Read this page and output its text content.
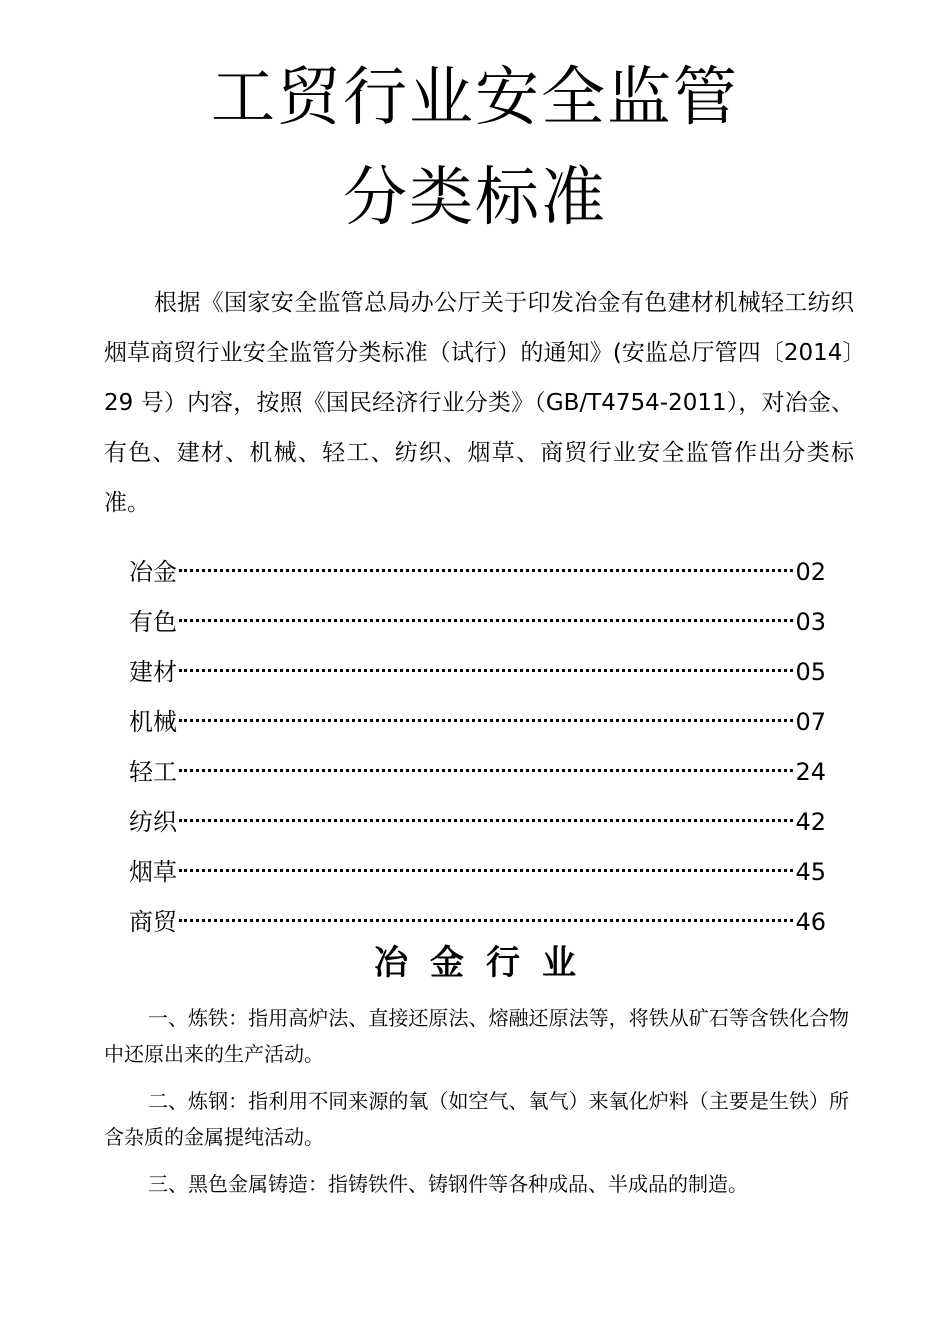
工贸行业安全监管
分类标准

根据《国家安全监管总局办公厅关于印发冶金有色建材机械轻工纺织烟草商贸行业安全监管分类标准（试行）的通知》(安监总厅管四〔2014〕29 号）内容，按照《国民经济行业分类》（GB/T4754-2011），对冶金、有色、建材、机械、轻工、纺织、烟草、商贸行业安全监管作出分类标准。

冶金	02
有色	03
建材	05
机械	07
轻工	24
纺织	42
烟草	45
商贸	46
冶金行业

一、炼铁：指用高炉法、直接还原法、熔融还原法等，将铁从矿石等含铁化合物中还原出来的生产活动。

二、炼钢：指利用不同来源的氧（如空气、氧气）来氧化炉料（主要是生铁）所含杂质的金属提纯活动。

三、黑色金属铸造：指铸铁件、铸钢件等各种成品、半成品的制造。
